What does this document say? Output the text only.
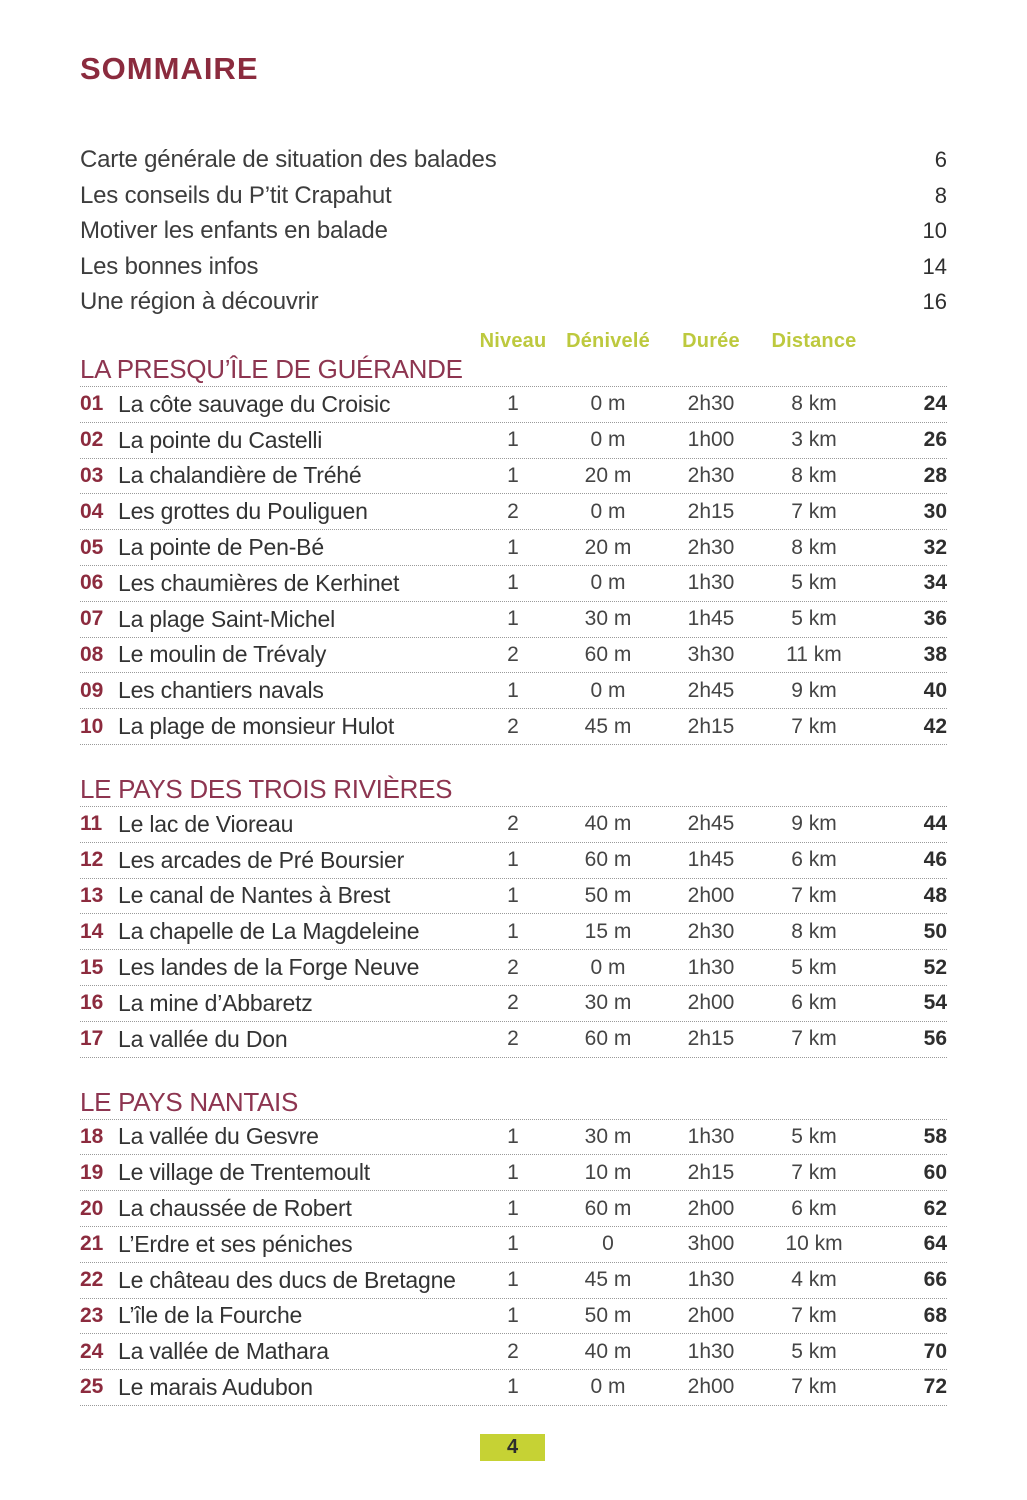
SOMMAIRE
Carte générale de situation des balades	6
Les conseils du P’tit Crapahut	8
Motiver les enfants en balade	10
Les bonnes infos	14
Une région à découvrir	16
Niveau Dénivelé	Durée	Distance
LA PRESQU’ÎLE DE GUÉRANDE
01 La côte sauvage du Croisic	1	0 m	2h30	8 km	24
02 La pointe du Castelli	1	0 m	1h00	3 km	26
03 La chalandière de Tréhé	1	20 m	2h30	8 km	28
04 Les grottes du Pouliguen	2	0 m	2h15	7 km	30
05 La pointe de Pen-Bé	1	20 m	2h30	8 km	32
06 Les chaumières de Kerhinet	1	0 m	1h30	5 km	34
07 La plage Saint-Michel	1	30 m	1h45	5 km	36
08 Le moulin de Trévaly	2	60 m	3h30	11 km	38
09 Les chantiers navals	1	0 m	2h45	9 km	40
10 La plage de monsieur Hulot	2	45 m	2h15	7 km	42
LE PAYS DES TROIS RIVIÈRES
11 Le lac de Vioreau	2	40 m	2h45	9 km	44
12 Les arcades de Pré Boursier	1	60 m	1h45	6 km	46
13 Le canal de Nantes à Brest	1	50 m	2h00	7 km	48
14 La chapelle de La Magdeleine	1	15 m	2h30	8 km	50
15 Les landes de la Forge Neuve	2	0 m	1h30	5 km	52
16 La mine d’Abbaretz	2	30 m	2h00	6 km	54
17 La vallée du Don	2	60 m	2h15	7 km	56
LE PAYS NANTAIS
18 La vallée du Gesvre	1	30 m	1h30	5 km	58
19 Le village de Trentemoult	1	10 m	2h15	7 km	60
20 La chaussée de Robert	1	60 m	2h00	6 km	62
21 L’Erdre et ses péniches	1	0	3h00	10 km	64
22 Le château des ducs de Bretagne	1	45 m	1h30	4 km	66
23 L’île de la Fourche	1	50 m	2h00	7 km	68
24 La vallée de Mathara	2	40 m	1h30	5 km	70
25 Le marais Audubon	1	0 m	2h00	7 km	72
4
